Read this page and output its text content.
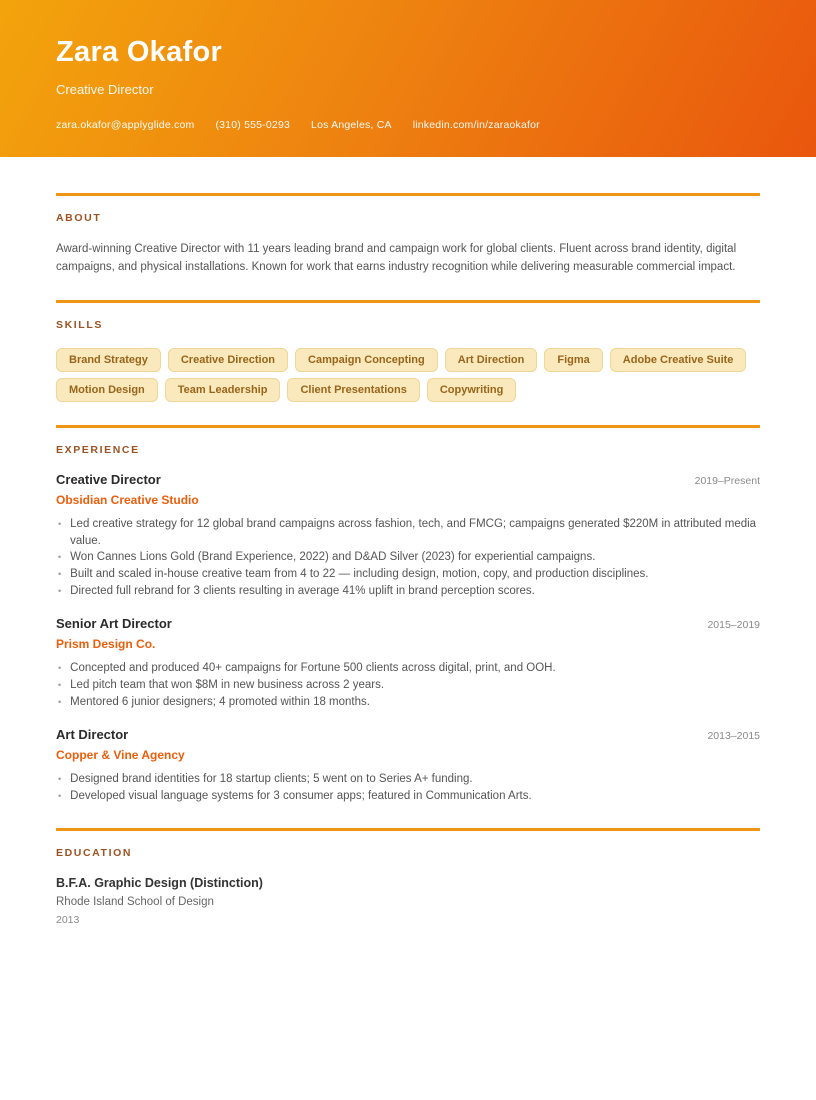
Zara Okafor
Creative Director
zara.okafor@applyglide.com (310) 555-0293 Los Angeles, CA linkedin.com/in/zaraokafor
ABOUT

Award-winning Creative Director with 11 years leading brand and campaign work for global clients. Fluent across brand identity, digital campaigns, and physical installations. Known for work that earns industry recognition while delivering measurable commercial impact.

SKILLS
Brand Strategy	Creative Direction	Campaign Concepting	Art Direction	Figma	Adobe Creative Suite
Motion Design	Team Leadership	Client Presentations	Copywriting
EXPERIENCE
Creative Director	2019–Present
Obsidian Creative Studio
•
Led creative strategy for 12 global brand campaigns across fashion, tech, and FMCG; campaigns generated $220M in attributed media value.
•
Won Cannes Lions Gold (Brand Experience, 2022) and D&AD Silver (2023) for experiential campaigns.
•
Built and scaled in-house creative team from 4 to 22 — including design, motion, copy, and production disciplines.
•
Directed full rebrand for 3 clients resulting in average 41% uplift in brand perception scores.
Senior Art Director	2015–2019
Prism Design Co.
•
Concepted and produced 40+ campaigns for Fortune 500 clients across digital, print, and OOH.
•
Led pitch team that won $8M in new business across 2 years.
•
Mentored 6 junior designers; 4 promoted within 18 months.
Art Director	2013–2015
Copper & Vine Agency
•
Designed brand identities for 18 startup clients; 5 went on to Series A+ funding.
•
Developed visual language systems for 3 consumer apps; featured in Communication Arts.
EDUCATION
B.F.A. Graphic Design (Distinction)
Rhode Island School of Design
2013
